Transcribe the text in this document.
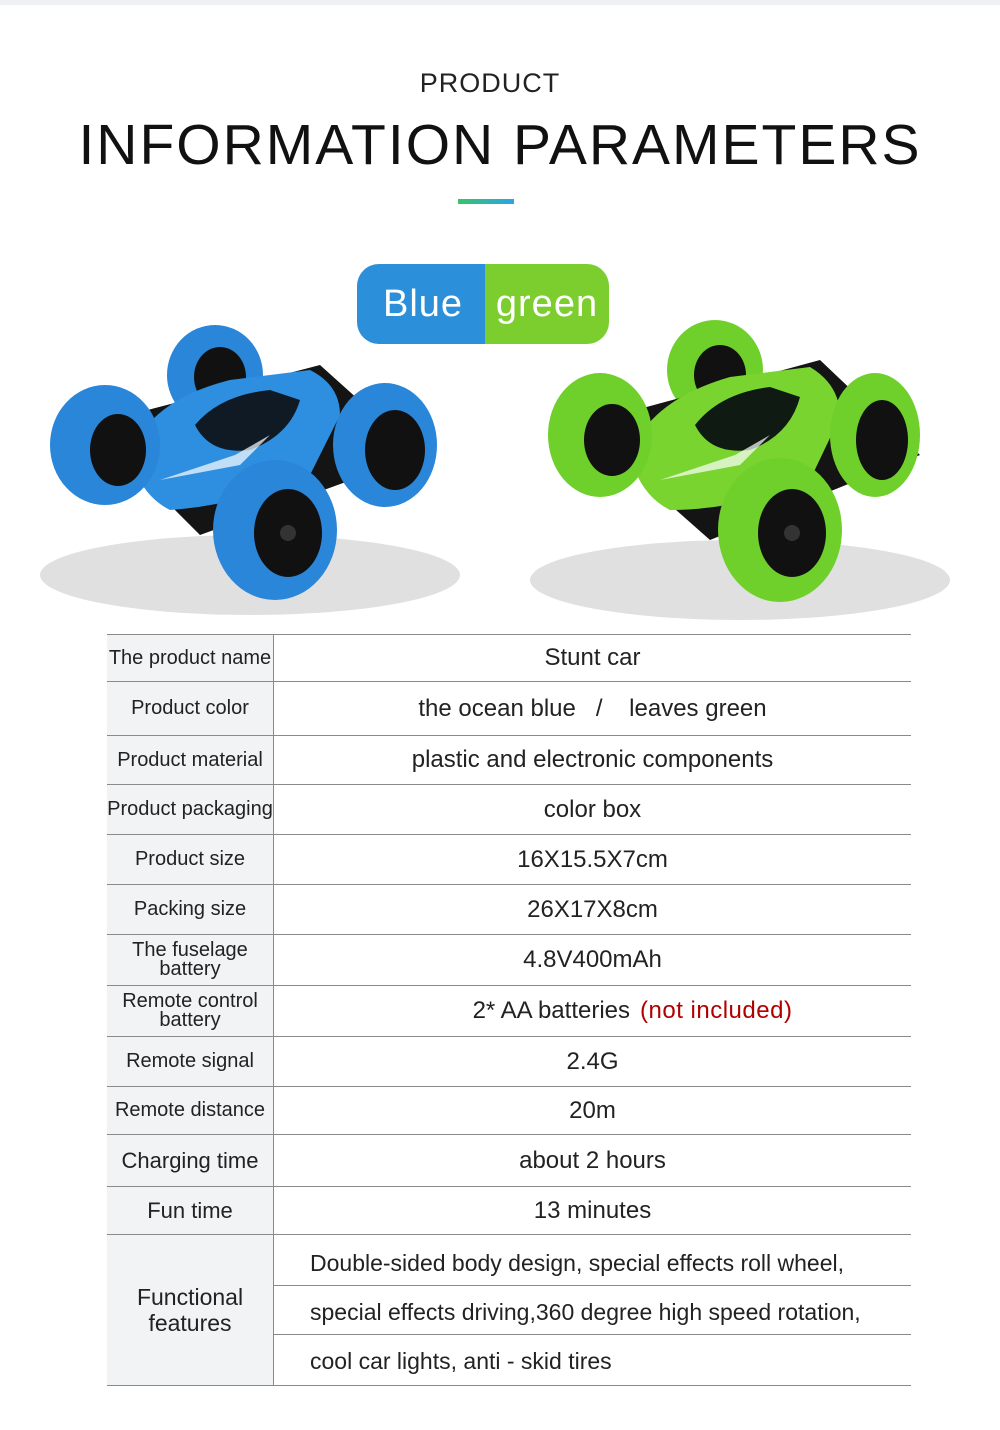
PRODUCT
INFORMATION PARAMETERS
Blue green
The product name	Stunt car
Product color	the ocean blue   /    leaves green
Product material	plastic and electronic components
Product packaging	color box
Product size	16X15.5X7cm
Packing size	26X17X8cm
The fuselage battery	4.8V400mAh
Remote control battery	2* AA batteries (not included)
Remote signal	2.4G
Remote distance	20m
Charging time	about 2 hours
Fun time	13 minutes
Functional features	Double-sided body design, special effects roll wheel,
special effects driving,360 degree high speed rotation,
cool car lights, anti - skid tires
